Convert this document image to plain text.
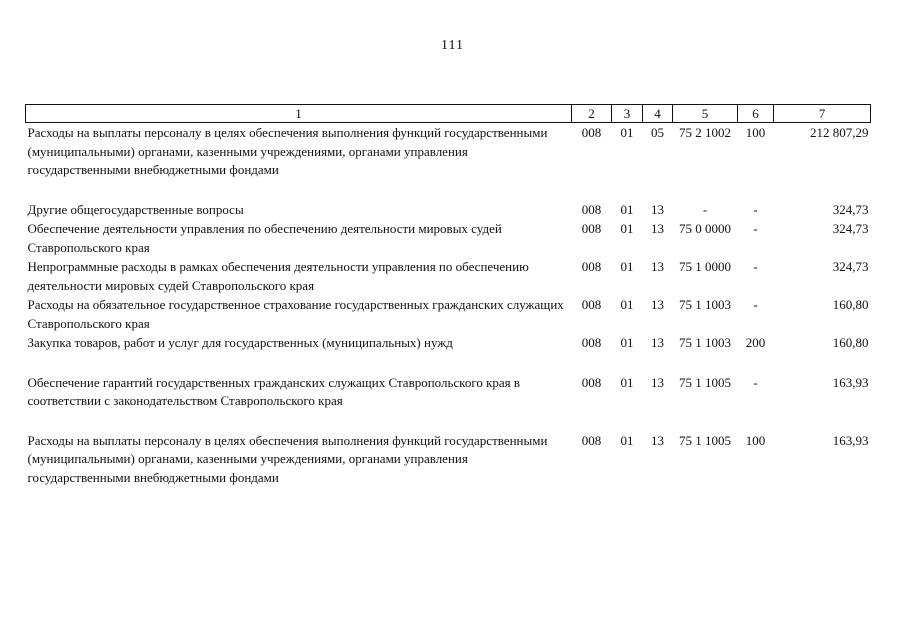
111
1	2	3	4	5	6	7
Расходы на выплаты персоналу в целях обеспечения выполнения функций государственными (муниципальными) органами, казенными учреждениями, органами управления государственными внебюджетными фондами	008	01	05	75 2 1002	100	212 807,29

Другие общегосударственные вопросы	008	01	13	-	-	324,73
Обеспечение деятельности управления по обеспечению деятельности мировых судей Ставропольского края	008	01	13	75 0 0000	-	324,73
Непрограммные расходы в рамках обеспечения деятельности управления по обеспечению деятельности мировых судей Ставропольского края	008	01	13	75 1 0000	-	324,73
Расходы на обязательное государственное страхование государственных гражданских служащих Ставропольского края	008	01	13	75 1 1003	-	160,80
Закупка товаров, работ и услуг для государственных (муниципальных) нужд	008	01	13	75 1 1003	200	160,80

Обеспечение гарантий государственных гражданских служащих Ставропольского края в соответствии с законодательством Ставропольского края	008	01	13	75 1 1005	-	163,93

Расходы на выплаты персоналу в целях обеспечения выполнения функций государственными (муниципальными) органами, казенными учреждениями, органами управления государственными внебюджетными фондами	008	01	13	75 1 1005	100	163,93
